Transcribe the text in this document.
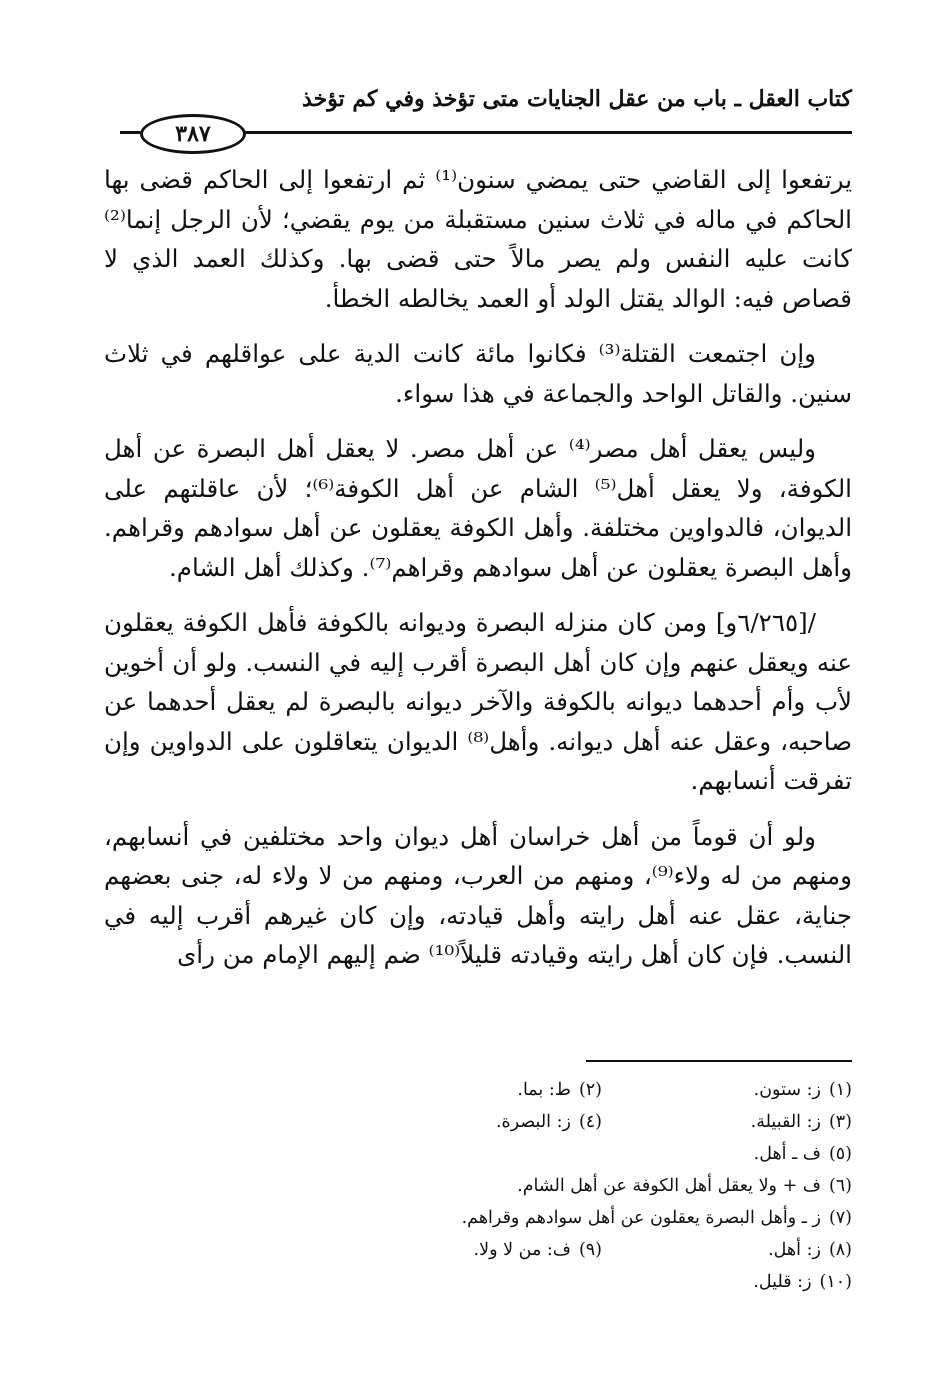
كتاب العقل ـ باب من عقل الجنايات متى تؤخذ وفي كم تؤخذ
٣٨٧

يرتفعوا إلى القاضي حتى يمضي سنون⁽¹⁾ ثم ارتفعوا إلى الحاكم قضى بها الحاكم في ماله في ثلاث سنين مستقبلة من يوم يقضي؛ لأن الرجل إنما⁽²⁾ كانت عليه النفس ولم يصر مالاً حتى قضى بها. وكذلك العمد الذي لا قصاص فيه: الوالد يقتل الولد أو العمد يخالطه الخطأ.

وإن اجتمعت القتلة⁽³⁾ فكانوا مائة كانت الدية على عواقلهم في ثلاث سنين. والقاتل الواحد والجماعة في هذا سواء.

وليس يعقل أهل مصر⁽⁴⁾ عن أهل مصر. لا يعقل أهل البصرة عن أهل الكوفة، ولا يعقل أهل⁽⁵⁾ الشام عن أهل الكوفة⁽⁶⁾؛ لأن عاقلتهم على الديوان، فالدواوين مختلفة. وأهل الكوفة يعقلون عن أهل سوادهم وقراهم. وأهل البصرة يعقلون عن أهل سوادهم وقراهم⁽⁷⁾. وكذلك أهل الشام.

/[٦/٢٦٥و] ومن كان منزله البصرة وديوانه بالكوفة فأهل الكوفة يعقلون عنه ويعقل عنهم وإن كان أهل البصرة أقرب إليه في النسب. ولو أن أخوين لأب وأم أحدهما ديوانه بالكوفة والآخر ديوانه بالبصرة لم يعقل أحدهما عن صاحبه، وعقل عنه أهل ديوانه. وأهل⁽⁸⁾ الديوان يتعاقلون على الدواوين وإن تفرقت أنسابهم.

ولو أن قوماً من أهل خراسان أهل ديوان واحد مختلفين في أنسابهم، ومنهم من له ولاء⁽⁹⁾، ومنهم من العرب، ومنهم من لا ولاء له، جنى بعضهم جناية، عقل عنه أهل رايته وأهل قيادته، وإن كان غيرهم أقرب إليه في النسب. فإن كان أهل رايته وقيادته قليلاً⁽¹⁰⁾ ضم إليهم الإمام من رأى

(١)ز: ستون.
(٢)ط: بما.
(٣)ز: القبيلة.
(٤)ز: البصرة.
(٥)ف ـ أهل.
(٦)ف + ولا يعقل أهل الكوفة عن أهل الشام.
(٧)ز ـ وأهل البصرة يعقلون عن أهل سوادهم وقراهم.
(٨)ز: أهل.
(٩)ف: من لا ولا.
(١٠)ز: قليل.
